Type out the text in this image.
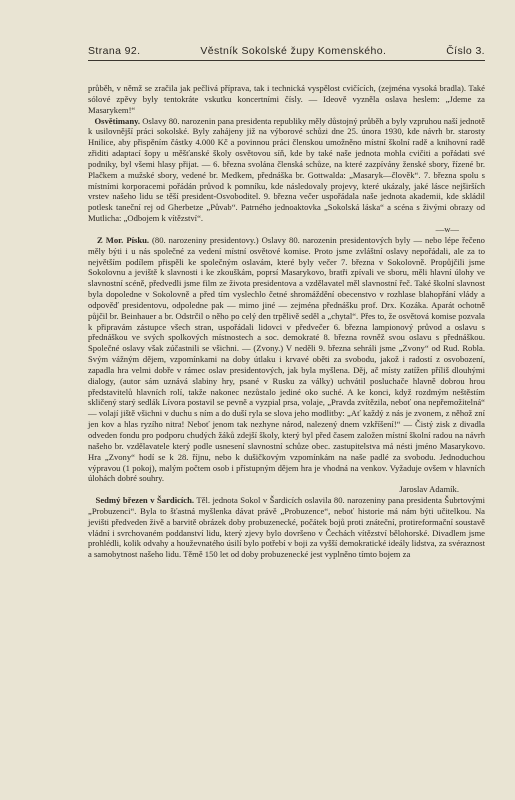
Strana 92.	Věstník Sokolské župy Komenského.	Číslo 3.

průběh, v němž se zračila jak pečlivá příprava, tak i technická vyspělost cvičících, (zejména vysoká bradla). Také sólové zpěvy byly tentokráte vskutku koncertními čísly. — Ideově vyzněla oslava heslem: „Jdeme za Masarykem!“

Osvětimany. Oslavy 80. narozenin pana presidenta republiky měly důstojný průběh a byly vzpruhou naší jednotě k usilovnější práci sokolské. Byly zahájeny již na výborové schůzi dne 25. února 1930, kde návrh br. starosty Hnilice, aby přispěním částky 4.000 Kč a povinnou práci členskou umožněno místní školní radě a knihovní radě zřiditi adaptací šopy u měšťanské školy osvětovou síň, kde by také naše jednota mohla cvičiti a pořádati své podniky, byl všemi hlasy přijat. — 6. března svolána členská schůze, na které zazpívány ženské sbory, řízené br. Plačkem a mužské sbory, vedené br. Medkem, přednáška br. Gottwalda: „Masaryk—člověk“. 7. března spolu s místními korporacemi pořádán průvod k pomníku, kde následovaly projevy, které ukázaly, jaké lásce nejširších vrstev našeho lidu se těší president-Osvoboditel. 9. března večer uspořádala naše jednota akademii, kde skládil potlesk taneční rej od Gherbetze „Půvab“. Patrného jednoaktovka „Sokolská láska“ a scéna s živými obrazy od Mutlicha: „Odbojem k vítězství“.

—w—

Z Mor. Písku. (80. narozeniny presidentovy.) Oslavy 80. narozenin presidentových byly — nebo lépe řečeno měly býti i u nás společné za vedení místní osvětové komise. Proto jsme zvláštní oslavy nepořádali, ale za to největším podílem přispěli ke společným oslavám, které byly večer 7. března v Sokolovně. Propůjčili jsme Sokolovnu a jeviště k slavnosti i ke zkouškám, poprsí Masarykovo, bratři zpívali ve sboru, měli hlavní úlohy ve slavnostní scéně, předvedli jsme film ze života presidentova a vzdělavatel měl slavnostní řeč. Také školní slavnost byla dopoledne v Sokolovně a před tím vyslechlo četné shromáždění obecenstvo v rozhlase blahopřání vlády a odpověď presidentovu, odpoledne pak — mimo jiné — zejména přednášku prof. Drx. Kozáka. Aparát ochotně půjčil br. Beinhauer a br. Odstrčil o něho po celý den trpělivě seděl a „chytal“. Přes to, že osvětová komise pozvala k připravám zástupce všech stran, uspořádali lidovci v předvečer 6. března lampionový průvod a oslavu s přednáškou ve svých spolkových místnostech a soc. demokraté 8. března rovněž svou oslavu s přednáškou. Společné oslavy však zúčastnili se všichni. — (Zvony.) V neděli 9. března sehráli jsme „Zvony“ od Rud. Robla. Svým vážným dějem, vzpomínkami na doby útlaku i krvavé oběti za svobodu, jakož i radostí z osvobození, zapadla hra velmi dobře v rámec oslav presidentových, jak byla myšlena. Děj, ač místy zatížen příliš dlouhými dialogy, (autor sám uznává slabiny hry, psané v Rusku za války) uchvátil posluchače hlavně dobrou hrou představitelů hlavních rolí, takže nakonec nezůstalo jediné oko suché. A ke konci, když rozdmým neštěstím skličený starý sedlák Lívora postavil se pevně a vyzpial prsa, volaje, „Pravda zvítězila, neboť ona nepřemožitelná“ — volají jiště všichni v duchu s ním a do duší ryla se slova jeho modlitby: „Ať každý z nás je zvonem, z něhož zní jen kov a hlas ryzího nitra! Neboť jenom tak nezhyne národ, nalezený dnem vzkříšení!“ — Čistý zisk z divadla odveden fondu pro podporu chudých žáků zdejší školy, který byl před časem založen místní školní radou na návrh našeho br. vzdělavatele který podle usnesení slavnostní schůze obec. zastupitelstva má nésti jméno Masarykovo. Hra „Zvony“ hodí se k 28. říjnu, nebo k dušičkovým vzpomínkám na naše padlé za svobodu. Jednoduchou výpravou (1 pokoj), malým počtem osob i přístupným dějem hra je vhodná na venkov. Vyžaduje ovšem v hlavních úlohách dobré souhry.

Jaroslav Adamík.

Sedmý březen v Šardicích. Těl. jednota Sokol v Šardicích oslavila 80. narozeniny pana presidenta Šubrtovými „Probuzenci“. Byla to šťastná myšlenka dávat právě „Probuzence“, neboť historie má nám býti učitelkou. Na jevišti předveden živě a barvitě obrázek doby probuzenecké, počátek bojů proti znáteční, protireformační soustavě vládní i svrchovaném poddanství lidu, který zjevy bylo dovršeno v Čechách vítězství bělohorské. Divadlem jsme prohlédli, kolik odvahy a houževnatého úsilí bylo potřebí v boji za vyšší demokratické ideály lidstva, za svéraznost a samobytnost našeho lidu. Těmě 150 let od doby probuzenecké jest vyplněno tímto bojem za
